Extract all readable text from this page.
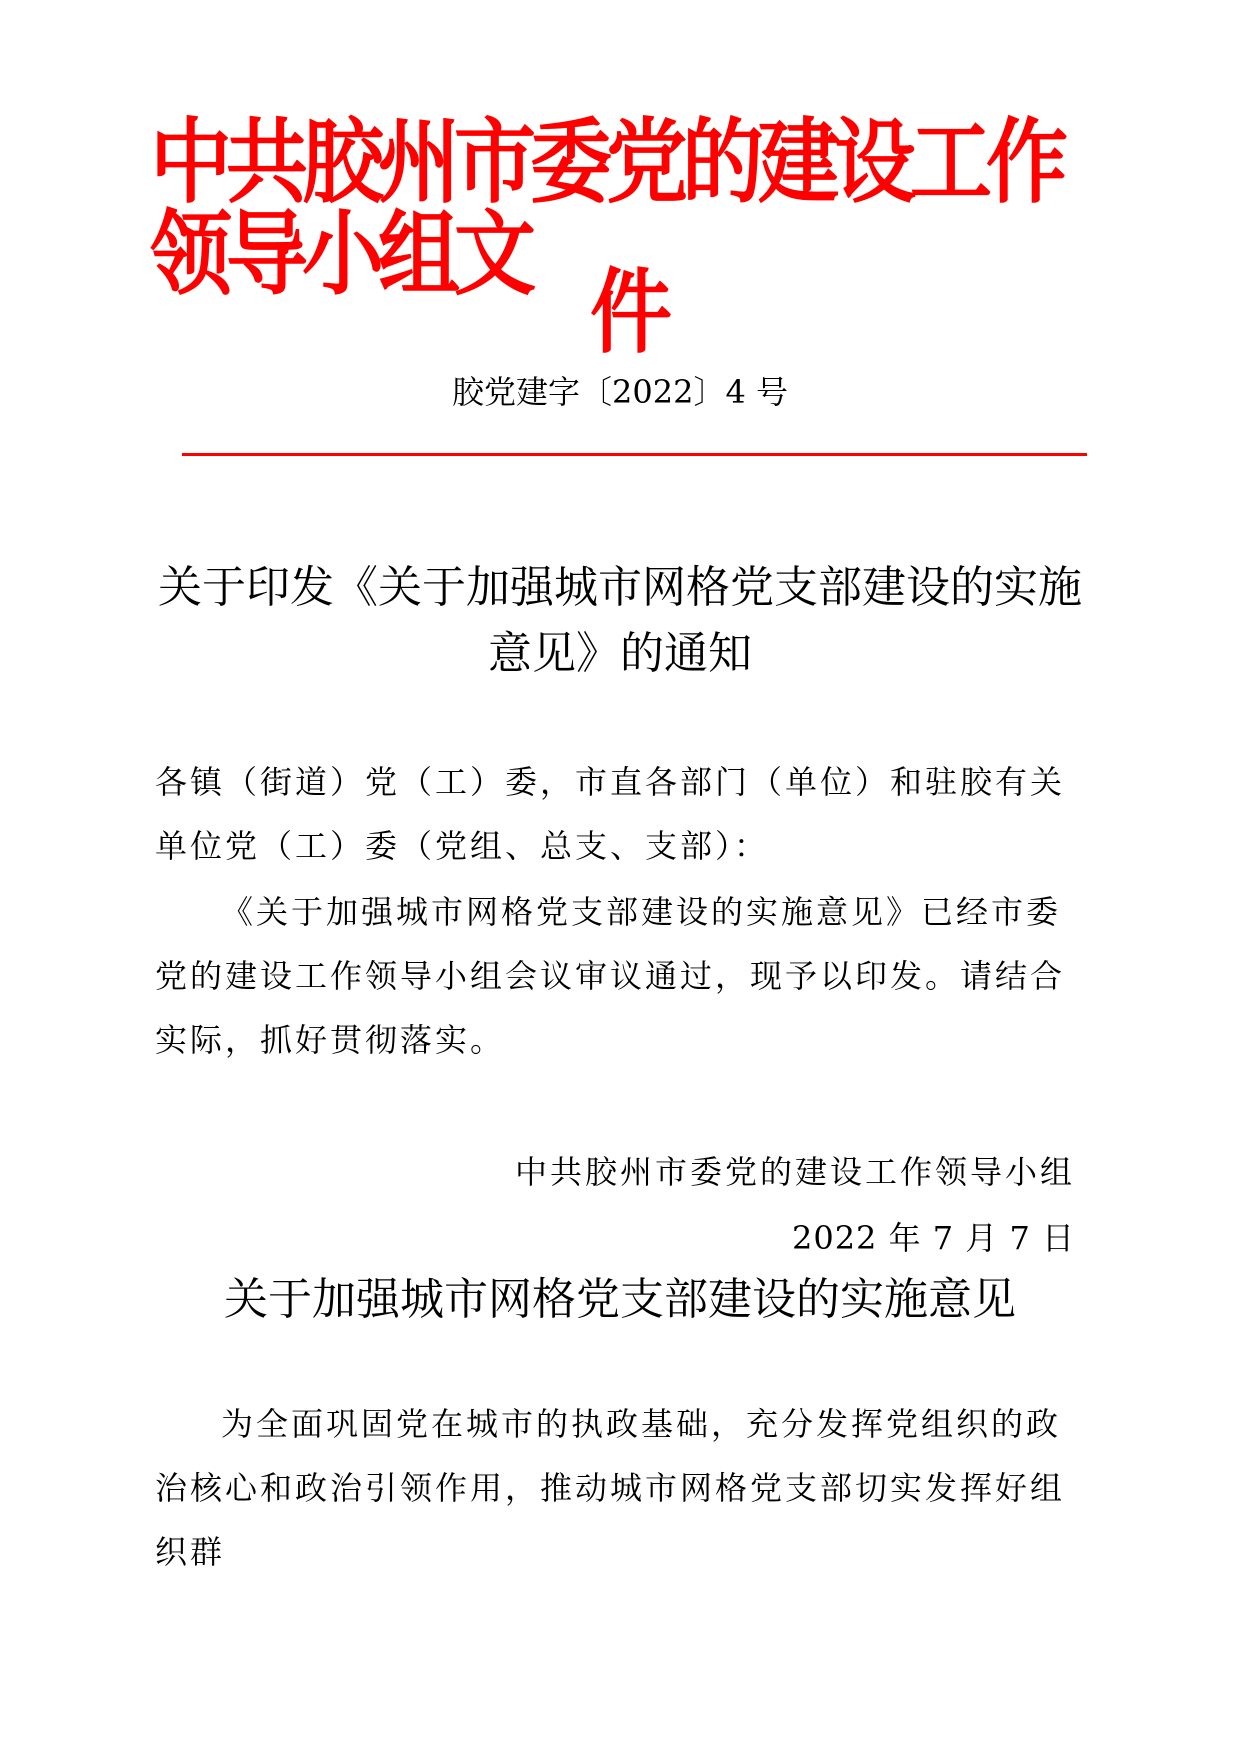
中共胶州市委党的建设工作领导小组文
件
胶党建字〔2022〕4 号
关于印发《关于加强城市网格党支部建设的实施意见》的通知
各镇（街道）党（工）委，市直各部门（单位）和驻胶有关单位党（工）委（党组、总支、支部）：
《关于加强城市网格党支部建设的实施意见》已经市委党的建设工作领导小组会议审议通过，现予以印发。请结合实际，抓好贯彻落实。
中共胶州市委党的建设工作领导小组
2022 年 7 月 7 日
关于加强城市网格党支部建设的实施意见
为全面巩固党在城市的执政基础，充分发挥党组织的政治核心和政治引领作用，推动城市网格党支部切实发挥好组织群
